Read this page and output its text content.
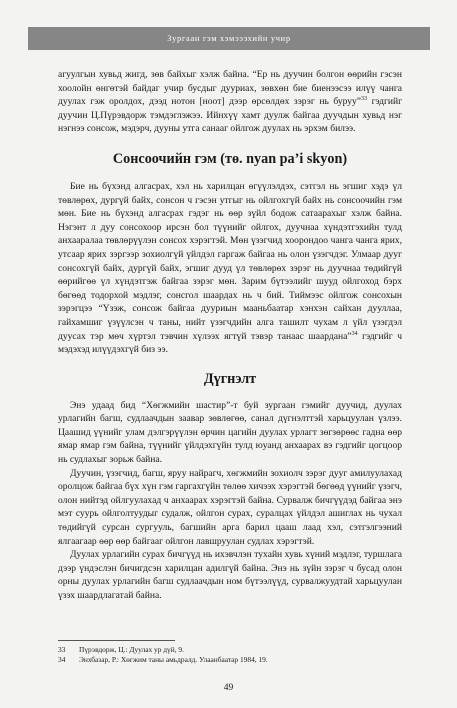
Зургаан гэм хэмэээхийн учир

агуулгын хувьд жигд, зөв байхыг хэлж байна. “Ер нь дуучин болгон өөрийн гэсэн хоолойн өнгөтэй байдаг учир бусдыг дууриах, зөвхөн бие биенээсээ илүү чанга дуулах гэж оролдох, дээд нотон [ноот] дээр өрсөлдөх зэрэг нь буруу”$^{33}$ гэдгийг дуучин Ц.Пүрэвдорж тэмдэглэжээ. Ийнхүү хамт дуулж байгаа дуучдын хувьд нэг нэгнээ сонсож, мэдэрч, дууны утга санааг ойлгож дуулах нь эрхэм билээ.

Сонсоочийн гэм (тө. nyan pa’i skyon)

Бие нь бүхэнд алгасрах, хэл нь харилцан өгүүлэлдэх, сэтгэл нь эгшиг хэдэ үл төвлөрөх, дургүй байх, сонсон ч гэсэн утгыг нь ойлгохгүй байх нь сонсоочийн гэм мөн. Бие нь бүхэнд алгасрах гэдэг нь өөр зүйл бодож сатаарахыг хэлж байна. Нэгэнт л дуу сонсохоор ирсэн бол түүнийг ойлгох, дуучнаа хүндэтгэхийн тулд анхааралаа төвлөрүүлэн сонсох хэрэгтэй. Мөн үзэгчид хоорондоо чанга чанга ярих, утсаар ярих зэргээр зохиолгүй үйлдэл гаргаж байгаа нь олон үзэгчдэг. Улмаар дууг сонсохгүй байх, дургүй байх, эгшиг дууд үл төвлөрөх зэрэг нь дуучнаа төдийгүй өөрийгөө үл хүндэтгэж байгаа зэрэг мөн. Зарим бүтээлийг шууд ойлгоход бэрх бөгөөд тодорхой мэдлэг, сонсгол шаардах нь ч бий. Тиймээс ойлгож сонсохын зэрэгцээ “Үзэж, сонсож байгаа дууриын мааньбаатар хэнхэн сайхан дууллаа, гайхамшиг үзүүлсэн ч таны, нийт үзэгчдийн алга ташилт чухам л үйл үзэгдэл дуусах тэр мөч хүртэл тэвчин хүлээх ягтүй тэвэр танаас шаардана”$^{34}$ гэдгийг ч мэдэхэд илүүдэхгүй биз ээ.

Дүгнэлт

Энэ удаад бид “Хөгжмийн шастир”-т буй зургаан гэмийг дуучид, дуулах урлагийн багш, судлаачдын заавар зөвлөгөө, санал дүгнэлттэй харьцуулан үзлээ. Цаашид үүнийг улам дэлгэрүүлэн өрчин цагийн дуулах урлагт зөгзөрөөс гадна өөр ямар ямар гэм байна, түүнийг үйлдэхгүйн тулд юуанд анхаарах вэ гэдгийг цогцоор нь судлахыг зорьж байна.

Дуучин, үзэгчид, багш, яруу найрагч, хөгжмийн зохиолч зэрэг дууг амилуулахад оролцож байгаа бүх хүн гэм гаргахгүйн төлөө хичээх хэрэгтэй бөгөөд үүнийг үзэгч, олон нийтэд ойлгуулахад ч анхаарах хэрэгтэй байна. Сурвалж бичгүүдэд байгаа энэ мэт суурь ойлголтуудыг судалж, ойлгон сурах, суралцах үйлдэл ашиглах нь чухал төдийгүй сурсан сургууль, багшийн арга барил цааш лаад хэл, сэтгэлгээний ялгаагаар өөр өөр байгааг ойлгон лавшруулан судлах хэрэгтэй.

Дуулах урлагийн сурах бичгүүд нь ихэвчлэн тухайн хувь хүний мэдлэг, туршлага дээр үндэслэн бичигдсэн харилцан адилгүй байна. Энэ нь зүйн зэрэг ч бусад олон орны дуулах урлагийн багш судлаачдын ном бүтээлүүд, сурвалжуудтай харьцуулан үзэх шаардлагатай байна.

33	Пүрэвдорж, Ц.: Дуулах ур дүй, 9.
34	Энхбазар, Р.: Хөгжим таны амьдралд. Улаанбаатар 1984, 19.
49
